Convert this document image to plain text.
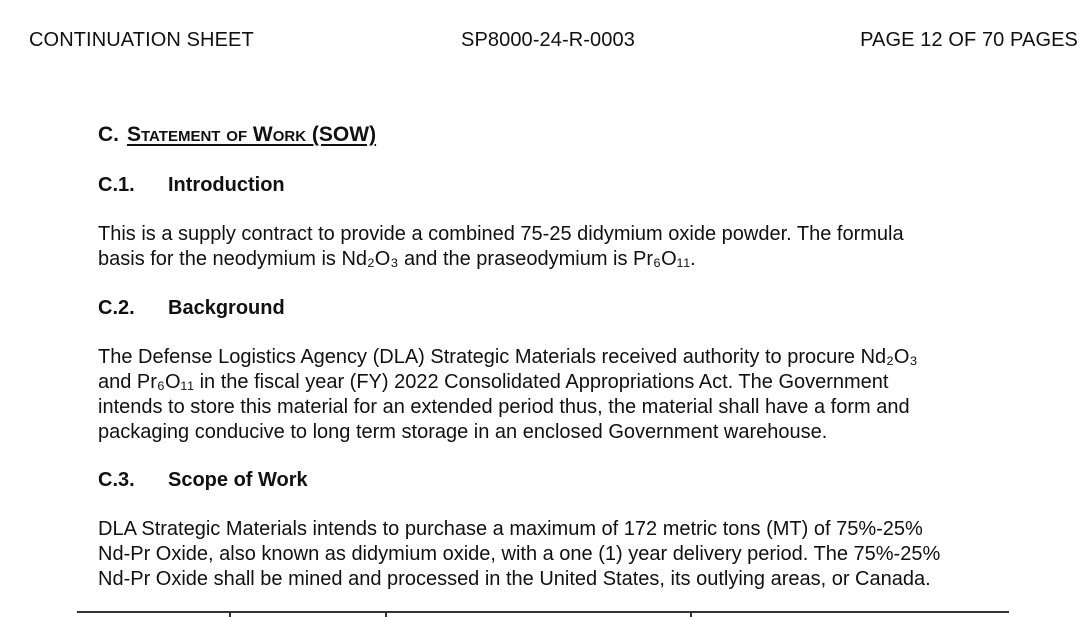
CONTINUATION SHEET	SP8000-24-R-0003	PAGE 12 OF 70 PAGES
C. Statement of Work (SOW)
C.1. Introduction

This is a supply contract to provide a combined 75-25 didymium oxide powder. The formula
basis for the neodymium is Nd₂O₃ and the praseodymium is Pr₆O₁₁.

C.2. Background

The Defense Logistics Agency (DLA) Strategic Materials received authority to procure Nd₂O₃
and Pr₆O₁₁ in the fiscal year (FY) 2022 Consolidated Appropriations Act. The Government
intends to store this material for an extended period thus, the material shall have a form and
packaging conducive to long term storage in an enclosed Government warehouse.

C.3. Scope of Work

DLA Strategic Materials intends to purchase a maximum of 172 metric tons (MT) of 75%-25%
Nd-Pr Oxide, also known as didymium oxide, with a one (1) year delivery period. The 75%-25%
Nd-Pr Oxide shall be mined and processed in the United States, its outlying areas, or Canada.
